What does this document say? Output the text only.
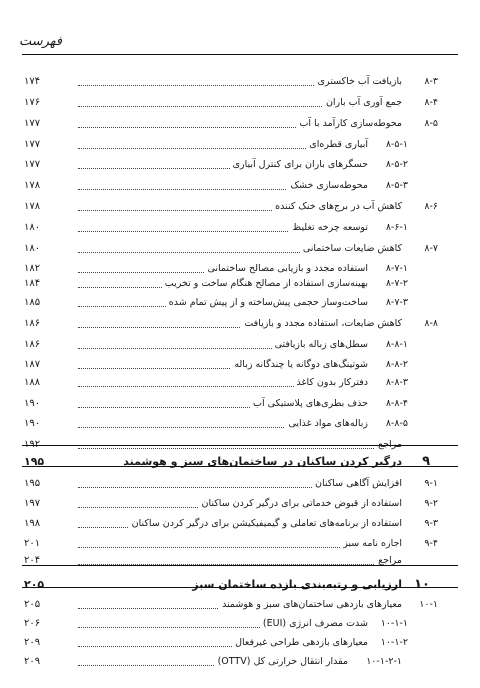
فهرست
۸-۳
بازیافت آب خاکستری
۱۷۴
۸-۴
جمع آوری آب باران
۱۷۶
۸-۵
محوطه‌سازی کارآمد با آب
۱۷۷
۸-۵-۱
آبیاری قطره‌ای
۱۷۷
۸-۵-۲
حسگرهای باران برای کنترل آبیاری
۱۷۷
۸-۵-۳
محوطه‌سازی خشک
۱۷۸
۸-۶
کاهش آب در برج‌های خنک کننده
۱۷۸
۸-۶-۱
توسعه چرخه تغلیظ
۱۸۰
۸-۷
کاهش ضایعات ساختمانی
۱۸۰
۸-۷-۱
استفاده مجدد و بازیابی مصالح ساختمانی
۱۸۲
۸-۷-۲
بهینه‌سازی استفاده از مصالح هنگام ساخت و تخریب
۱۸۴
۸-۷-۳
ساخت‌وساز حجمی پیش‌ساخته و از پیش تمام شده
۱۸۵
۸-۸
کاهش ضایعات، استفاده مجدد و بازیافت
۱۸۶
۸-۸-۱
سطل‌های زباله بازیافتی
۱۸۶
۸-۸-۲
شوتینگ‌های دوگانه یا چندگانه زباله
۱۸۷
۸-۸-۳
دفترکار بدون کاغذ
۱۸۸
۸-۸-۴
حذف بطری‌های پلاستیکی آب
۱۹۰
۸-۸-۵
زباله‌های مواد غذایی
۱۹۰
مراجع
۱۹۲
۹
درگیر کردن ساکنان در ساختمان‌های سبز و هوشمند
۱۹۵
۹-۱
افزایش آگاهی ساکنان
۱۹۵
۹-۲
استفاده از قبوض خدماتی برای درگیر کردن ساکنان
۱۹۷
۹-۳
استفاده از برنامه‌های تعاملی و گیمیفیکیشن برای درگیر کردن ساکنان
۱۹۸
۹-۴
اجاره نامه سبز
۲۰۱
مراجع
۲۰۴
۱۰
ارزیابی و رتبه‌بندی بازده ساختمان سبز
۲۰۵
۱۰-۱
معیارهای بازدهی ساختمان‌های سبز و هوشمند
۲۰۵
۱۰-۱-۱
شدت مصرف انرژی (EUI)
۲۰۶
۱۰-۱-۲
معیارهای بازدهی طراحی غیرفعال
۲۰۹
۱۰-۱-۲-۱
مقدار انتقال حرارتی کل (OTTV)
۲۰۹
